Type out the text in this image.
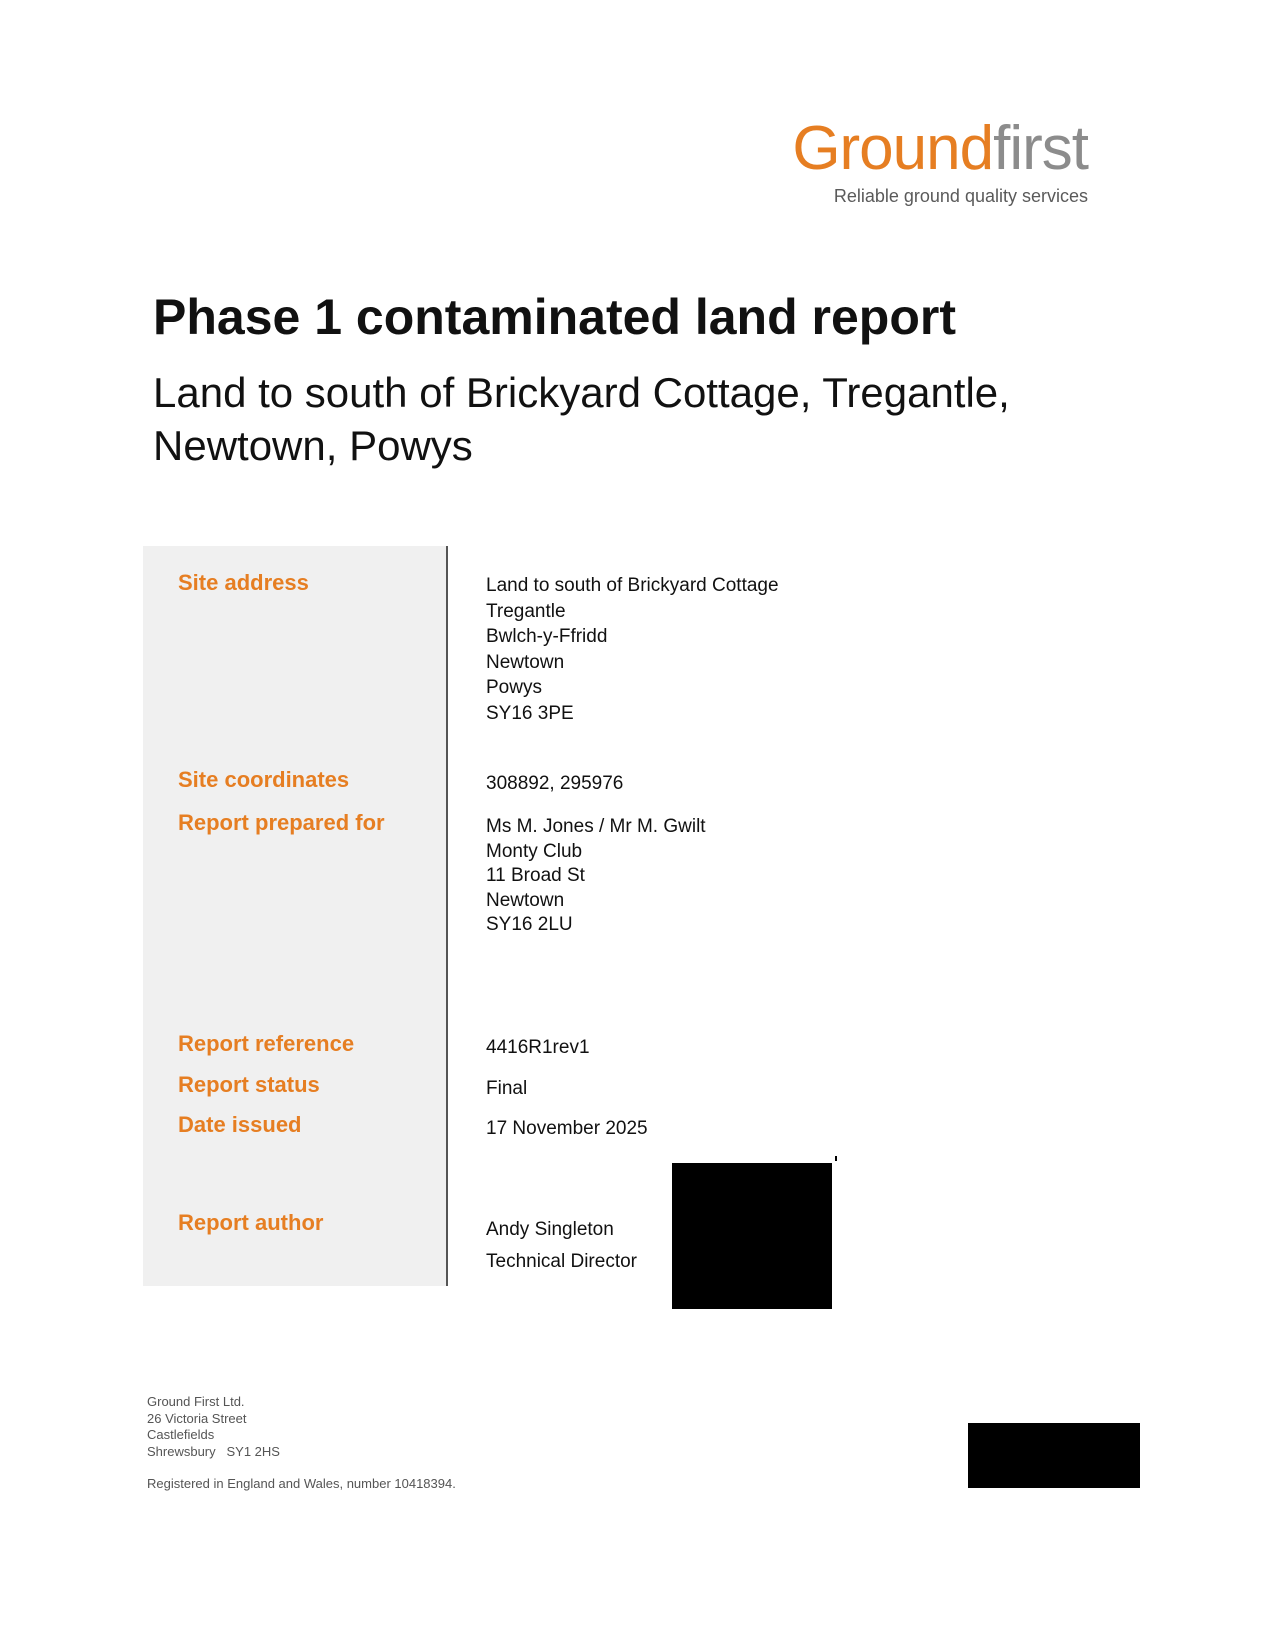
Groundfirst
Reliable ground quality services
Phase 1 contaminated land report
Land to south of Brickyard Cottage, Tregantle, Newtown, Powys
Site address	Land to south of Brickyard Cottage
Tregantle
Bwlch-y-Ffridd
Newtown
Powys
SY16 3PE
Site coordinates	308892, 295976
Report prepared for	Ms M. Jones / Mr M. Gwilt
Monty Club
11 Broad St
Newtown
SY16 2LU
Report reference	4416R1rev1
Report status	Final
Date issued	17 November 2025
Report author	Andy Singleton
Technical Director
Ground First Ltd.
26 Victoria Street
Castlefields
Shrewsbury   SY1 2HS
Registered in England and Wales, number 10418394.
